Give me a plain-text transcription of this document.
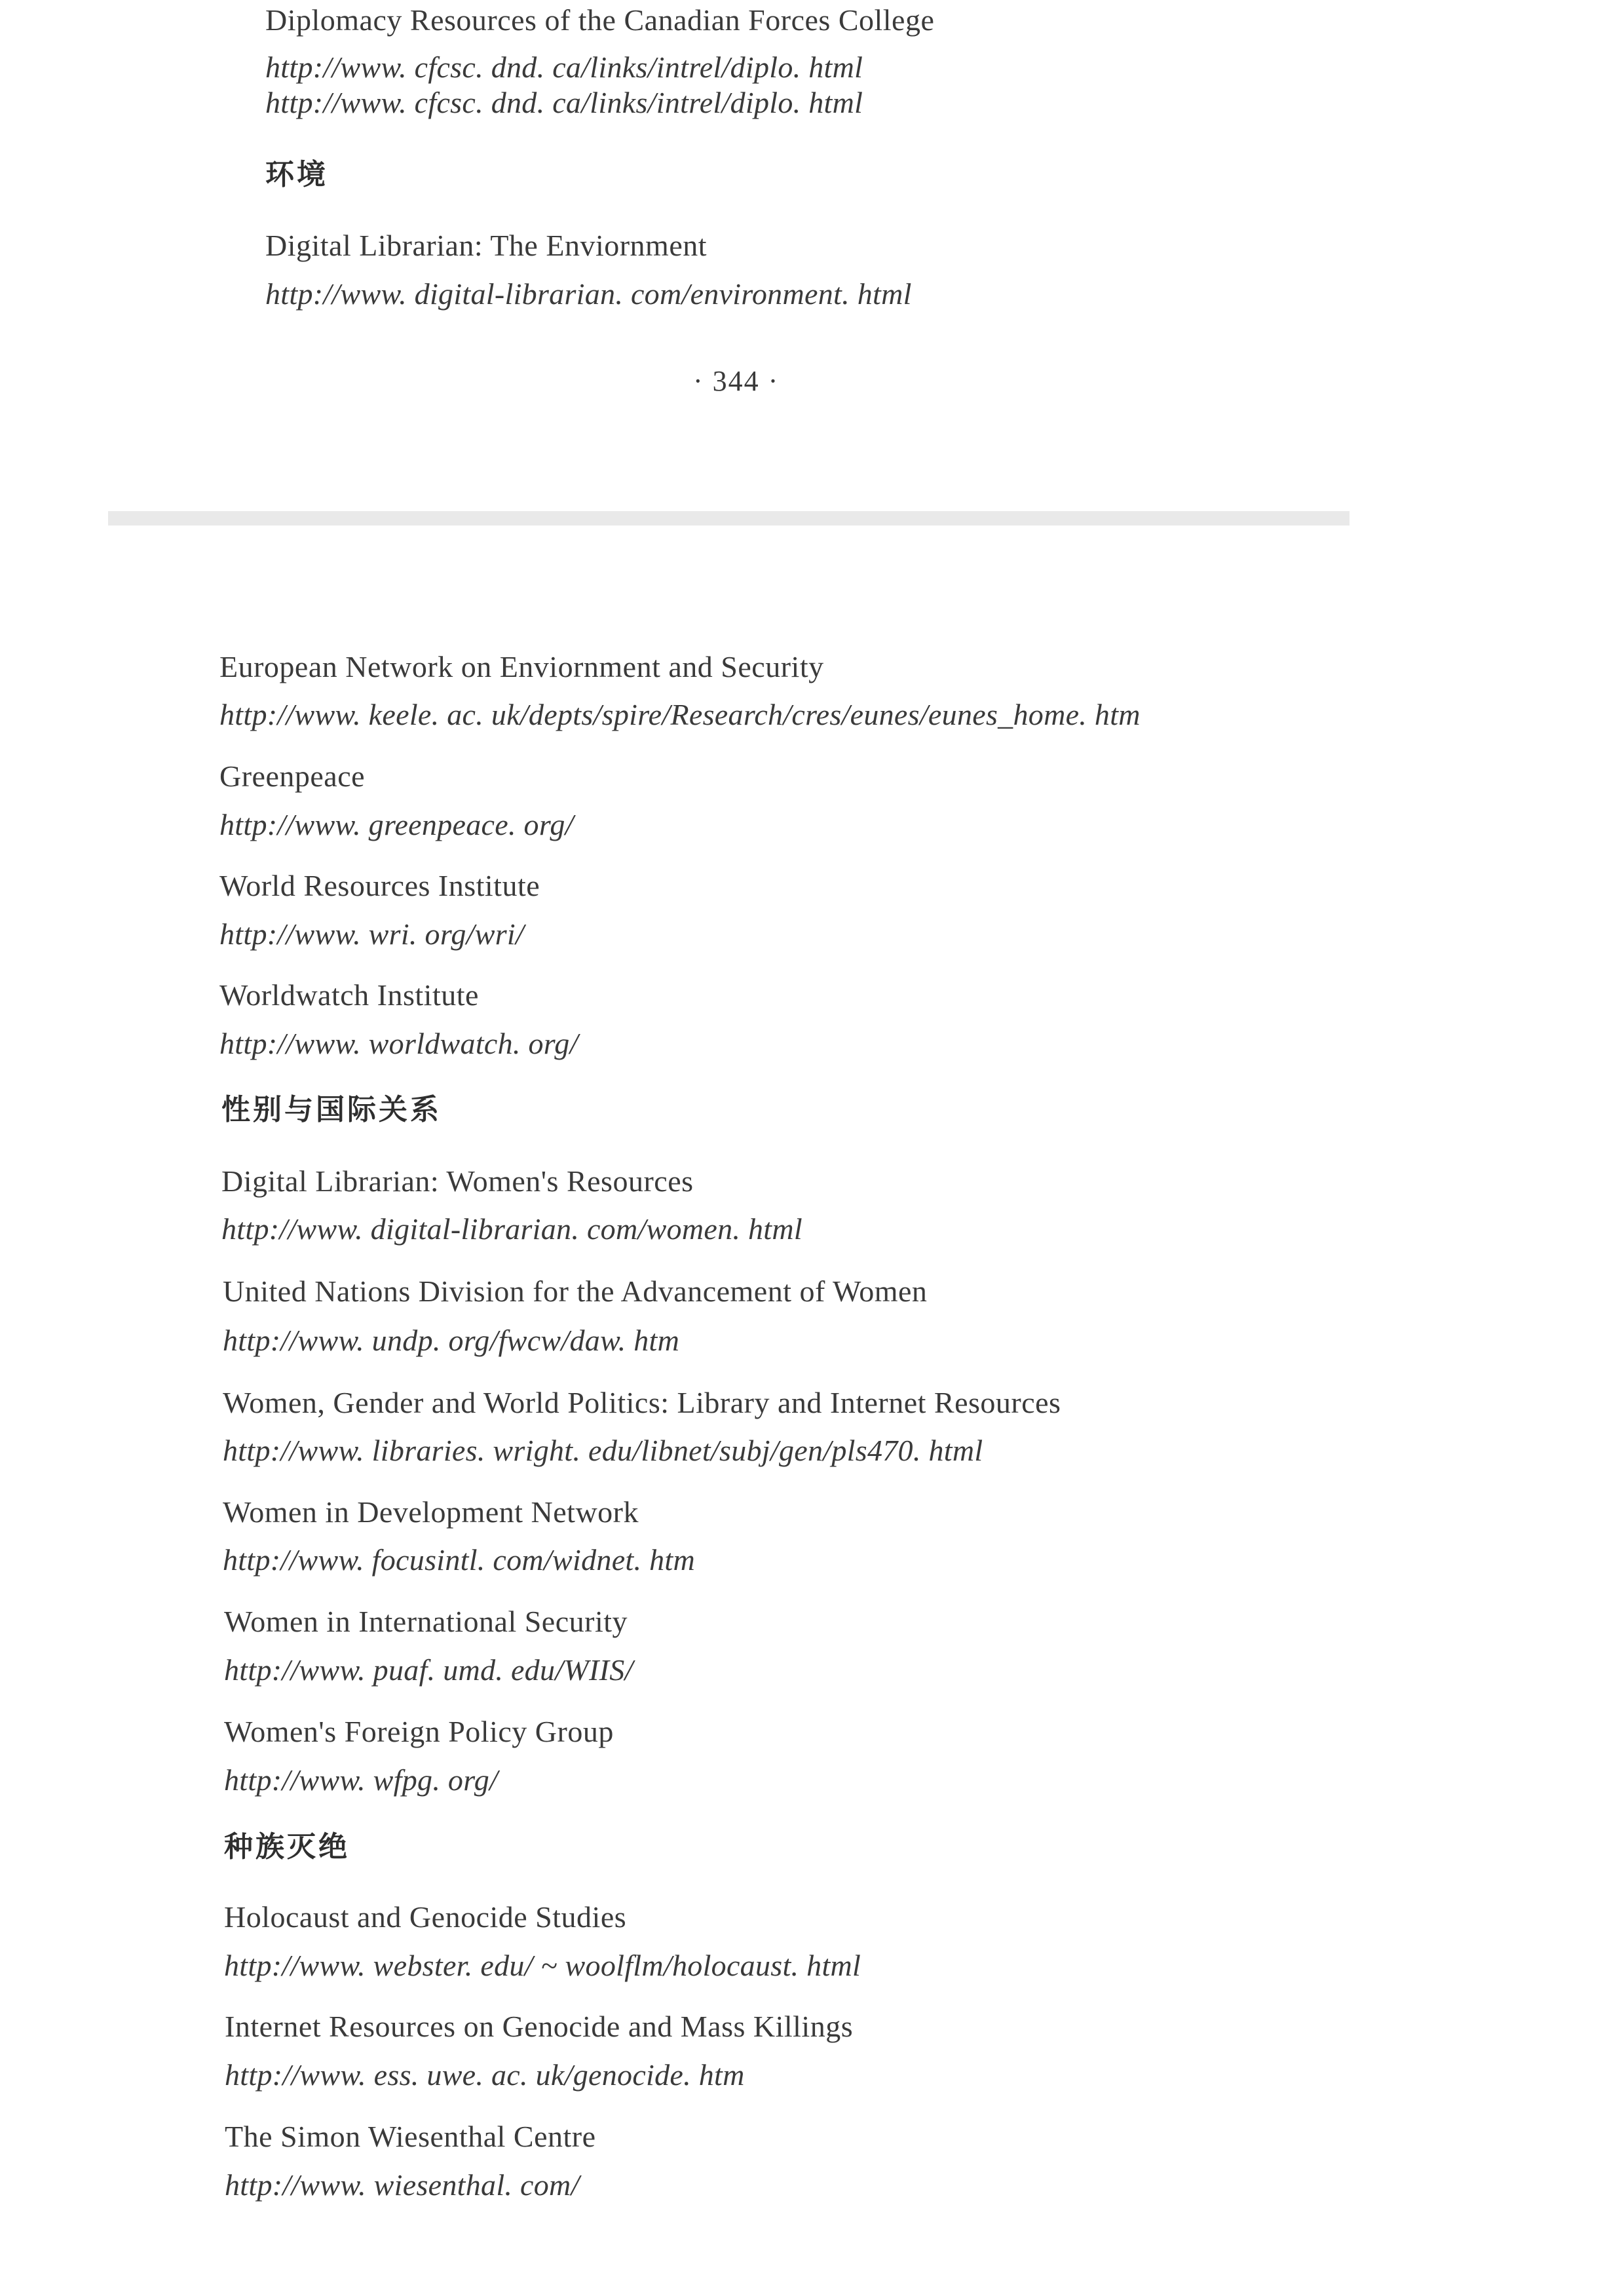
Diplomacy Resources of the Canadian Forces College
http://www. cfcsc. dnd. ca/links/intrel/diplo. html
http://www. cfcsc. dnd. ca/links/intrel/diplo. html
环境
Digital Librarian: The Enviornment
http://www. digital-librarian. com/environment. html
· 344 ·
European Network on Enviornment and Security
http://www. keele. ac. uk/depts/spire/Research/cres/eunes/eunes_home. htm
Greenpeace
http://www. greenpeace. org/
World Resources Institute
http://www. wri. org/wri/
Worldwatch Institute
http://www. worldwatch. org/
性别与国际关系
Digital Librarian: Women's Resources
http://www. digital-librarian. com/women. html
United Nations Division for the Advancement of Women
http://www. undp. org/fwcw/daw. htm
Women, Gender and World Politics: Library and Internet Resources
http://www. libraries. wright. edu/libnet/subj/gen/pls470. html
Women in Development Network
http://www. focusintl. com/widnet. htm
Women in International Security
http://www. puaf. umd. edu/WIIS/
Women's Foreign Policy Group
http://www. wfpg. org/
种族灭绝
Holocaust and Genocide Studies
http://www. webster. edu/ ~ woolflm/holocaust. html
Internet Resources on Genocide and Mass Killings
http://www. ess. uwe. ac. uk/genocide. htm
The Simon Wiesenthal Centre
http://www. wiesenthal. com/
